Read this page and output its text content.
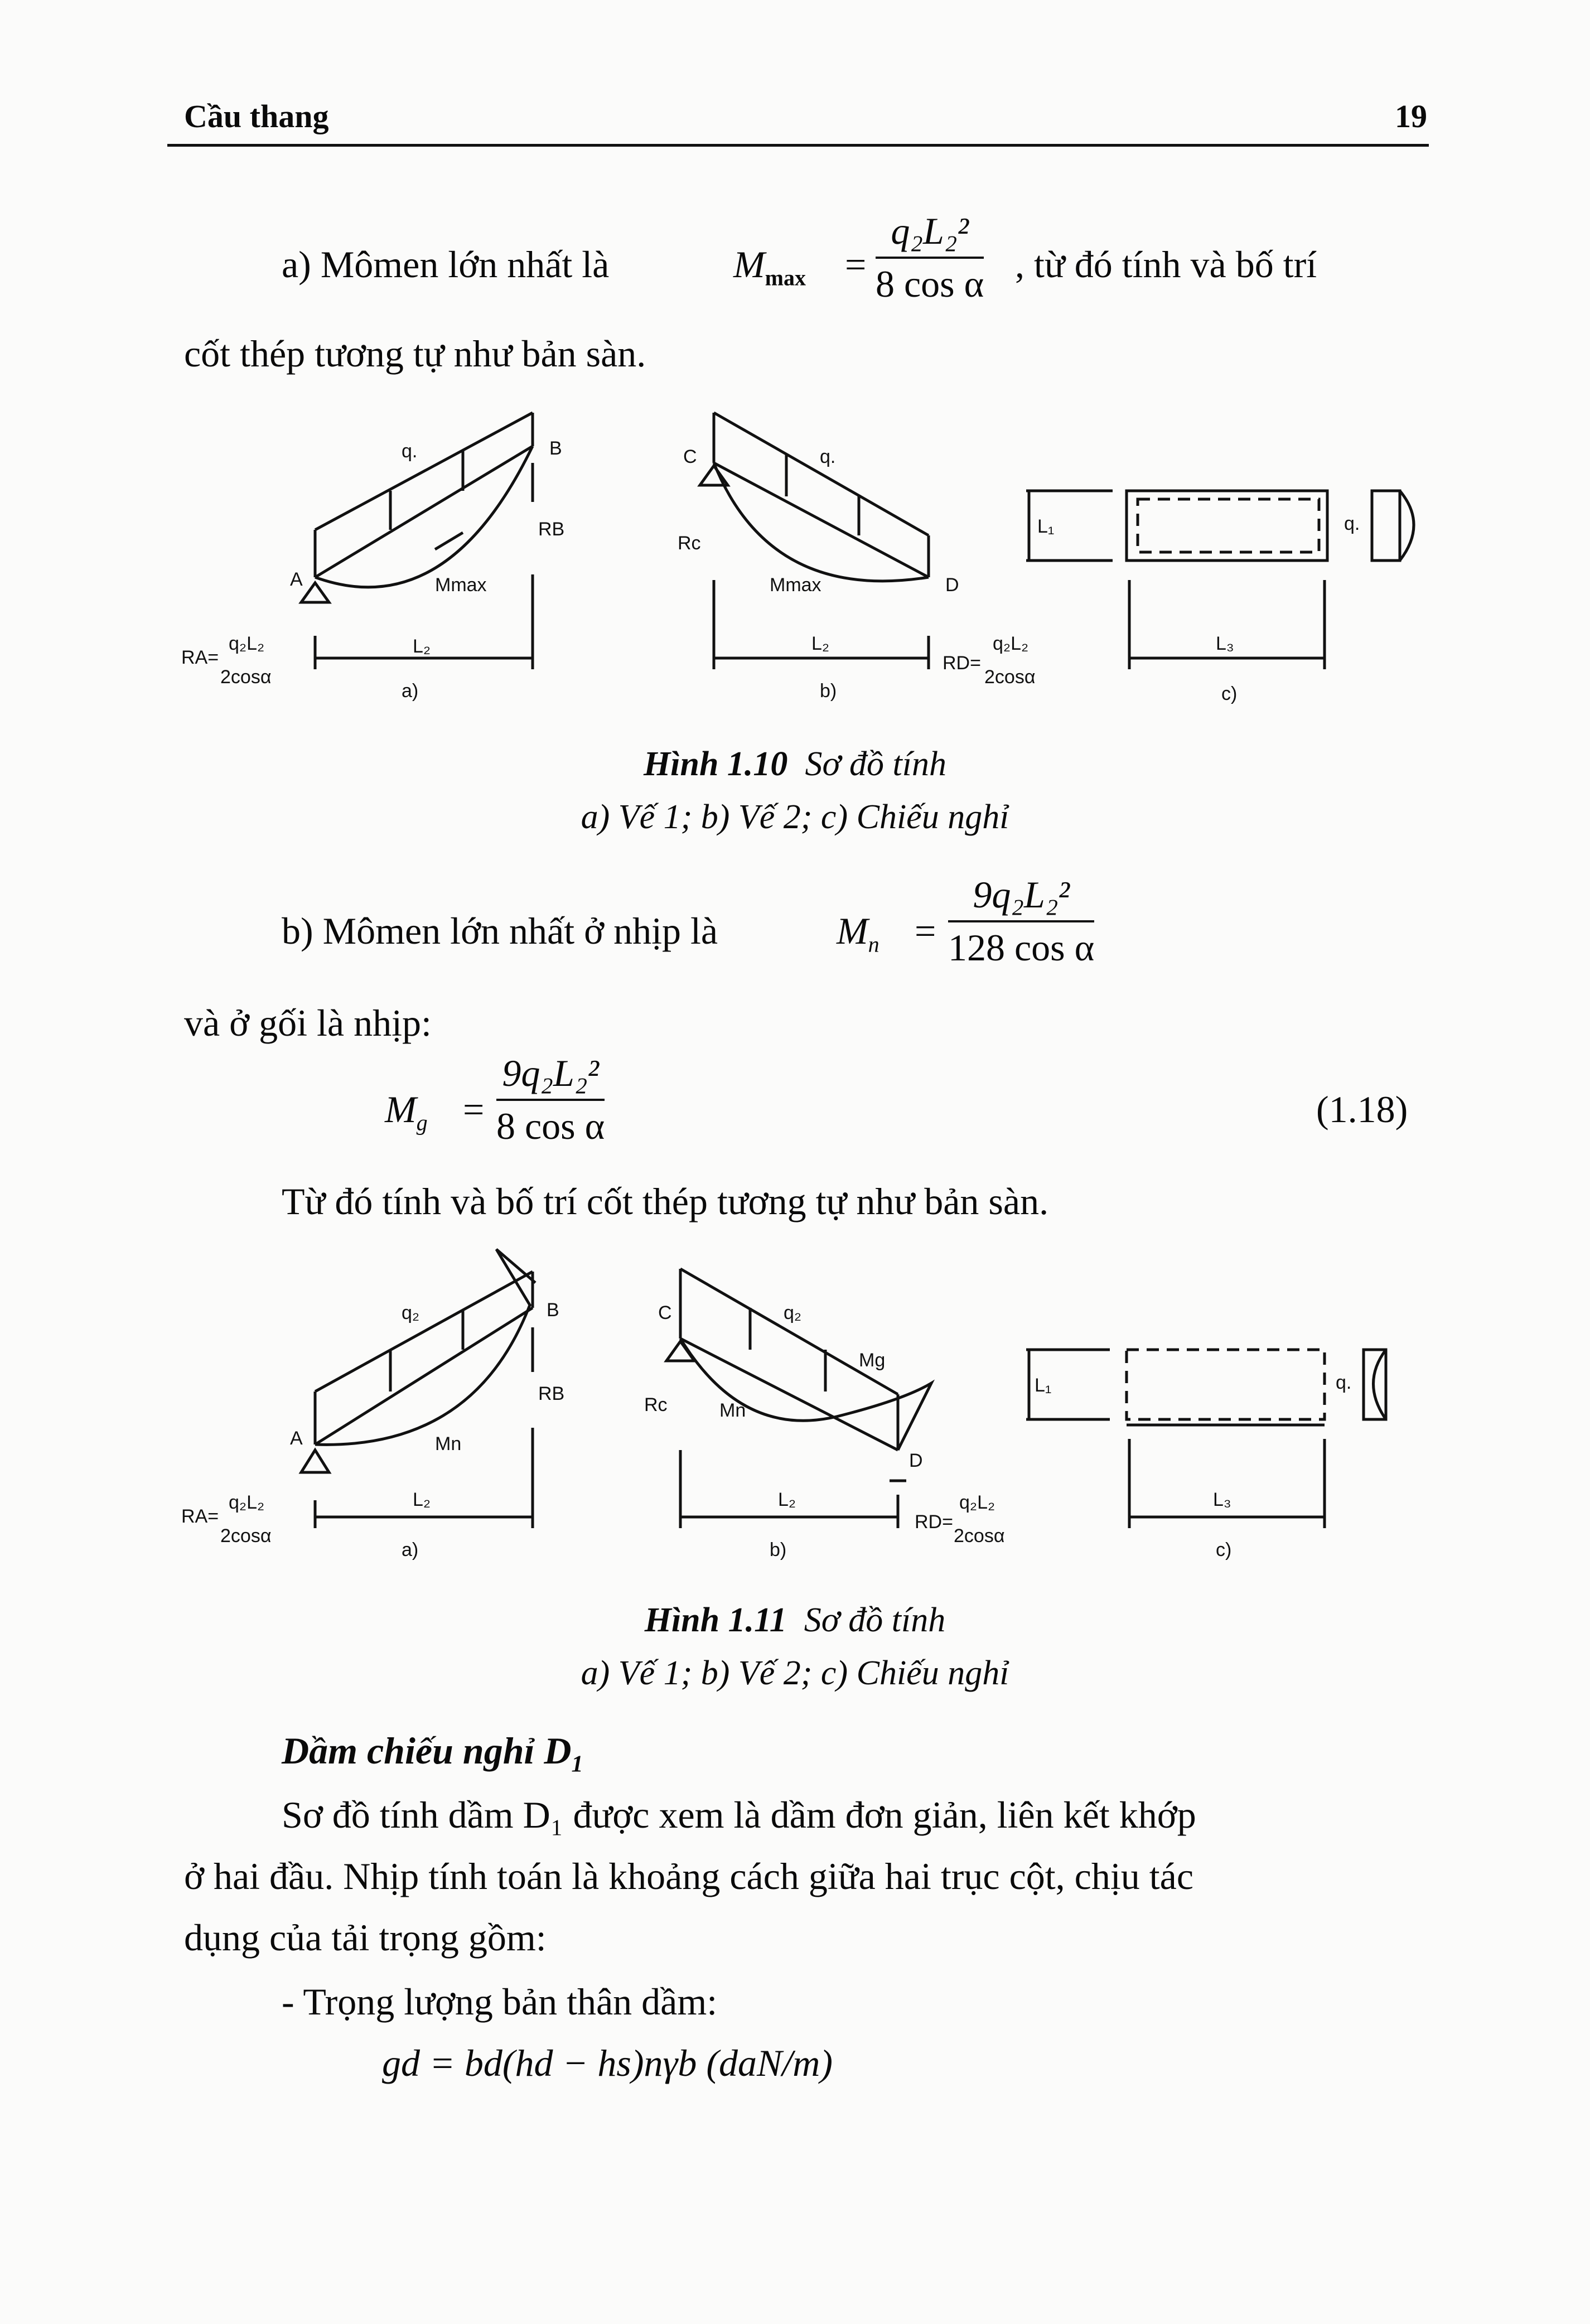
Cầu thang	19
a) Mômen lớn nhất là	$M_{max} = \frac{\text{q₂L₂²}}{\text{8 cos α}}$ , từ đó tính và bố trí
cốt thép tương tự như bản sàn.
q.	B
RB
A	Mmax
L₂
RA=
q₂L₂
2cosα
a)
C	q.
Rc
Mmax	D
L₂
RD=
q₂L₂
2cosα
b)
L₁	q.
L₃
c)
Hình 1.10 Sơ đồ tính
a) Vế 1; b) Vế 2; c) Chiếu nghỉ
b) Mômen lớn nhất ở nhịp là	$M_n = \frac{\text{9q₂L₂²}}{\text{128 cos α}}$
và ở gối là nhịp:
$M_g = \frac{\text{9q₂L₂²}}{\text{8 cos α}}$	(1.18)
Từ đó tính và bố trí cốt thép tương tự như bản sàn.
q₂	B
RB
A	Mn
L₂
RA=
q₂L₂
2cosα
a)
C	q₂
Mg
Rc	Mn
D
L₂
RD=
q₂L₂
2cosα
b)
L₁	q.
L₃
c)
Hình 1.11 Sơ đồ tính
a) Vế 1; b) Vế 2; c) Chiếu nghỉ
Dầm chiếu nghỉ $D_1$
Sơ đồ tính dầm D₁ được xem là dầm đơn giản, liên kết khớp
ở hai đầu. Nhịp tính toán là khoảng cách giữa hai trục cột, chịu tác
dụng của tải trọng gồm:
- Trọng lượng bản thân dầm:
gd = bd(hd − hs)nγb (daN/m)
